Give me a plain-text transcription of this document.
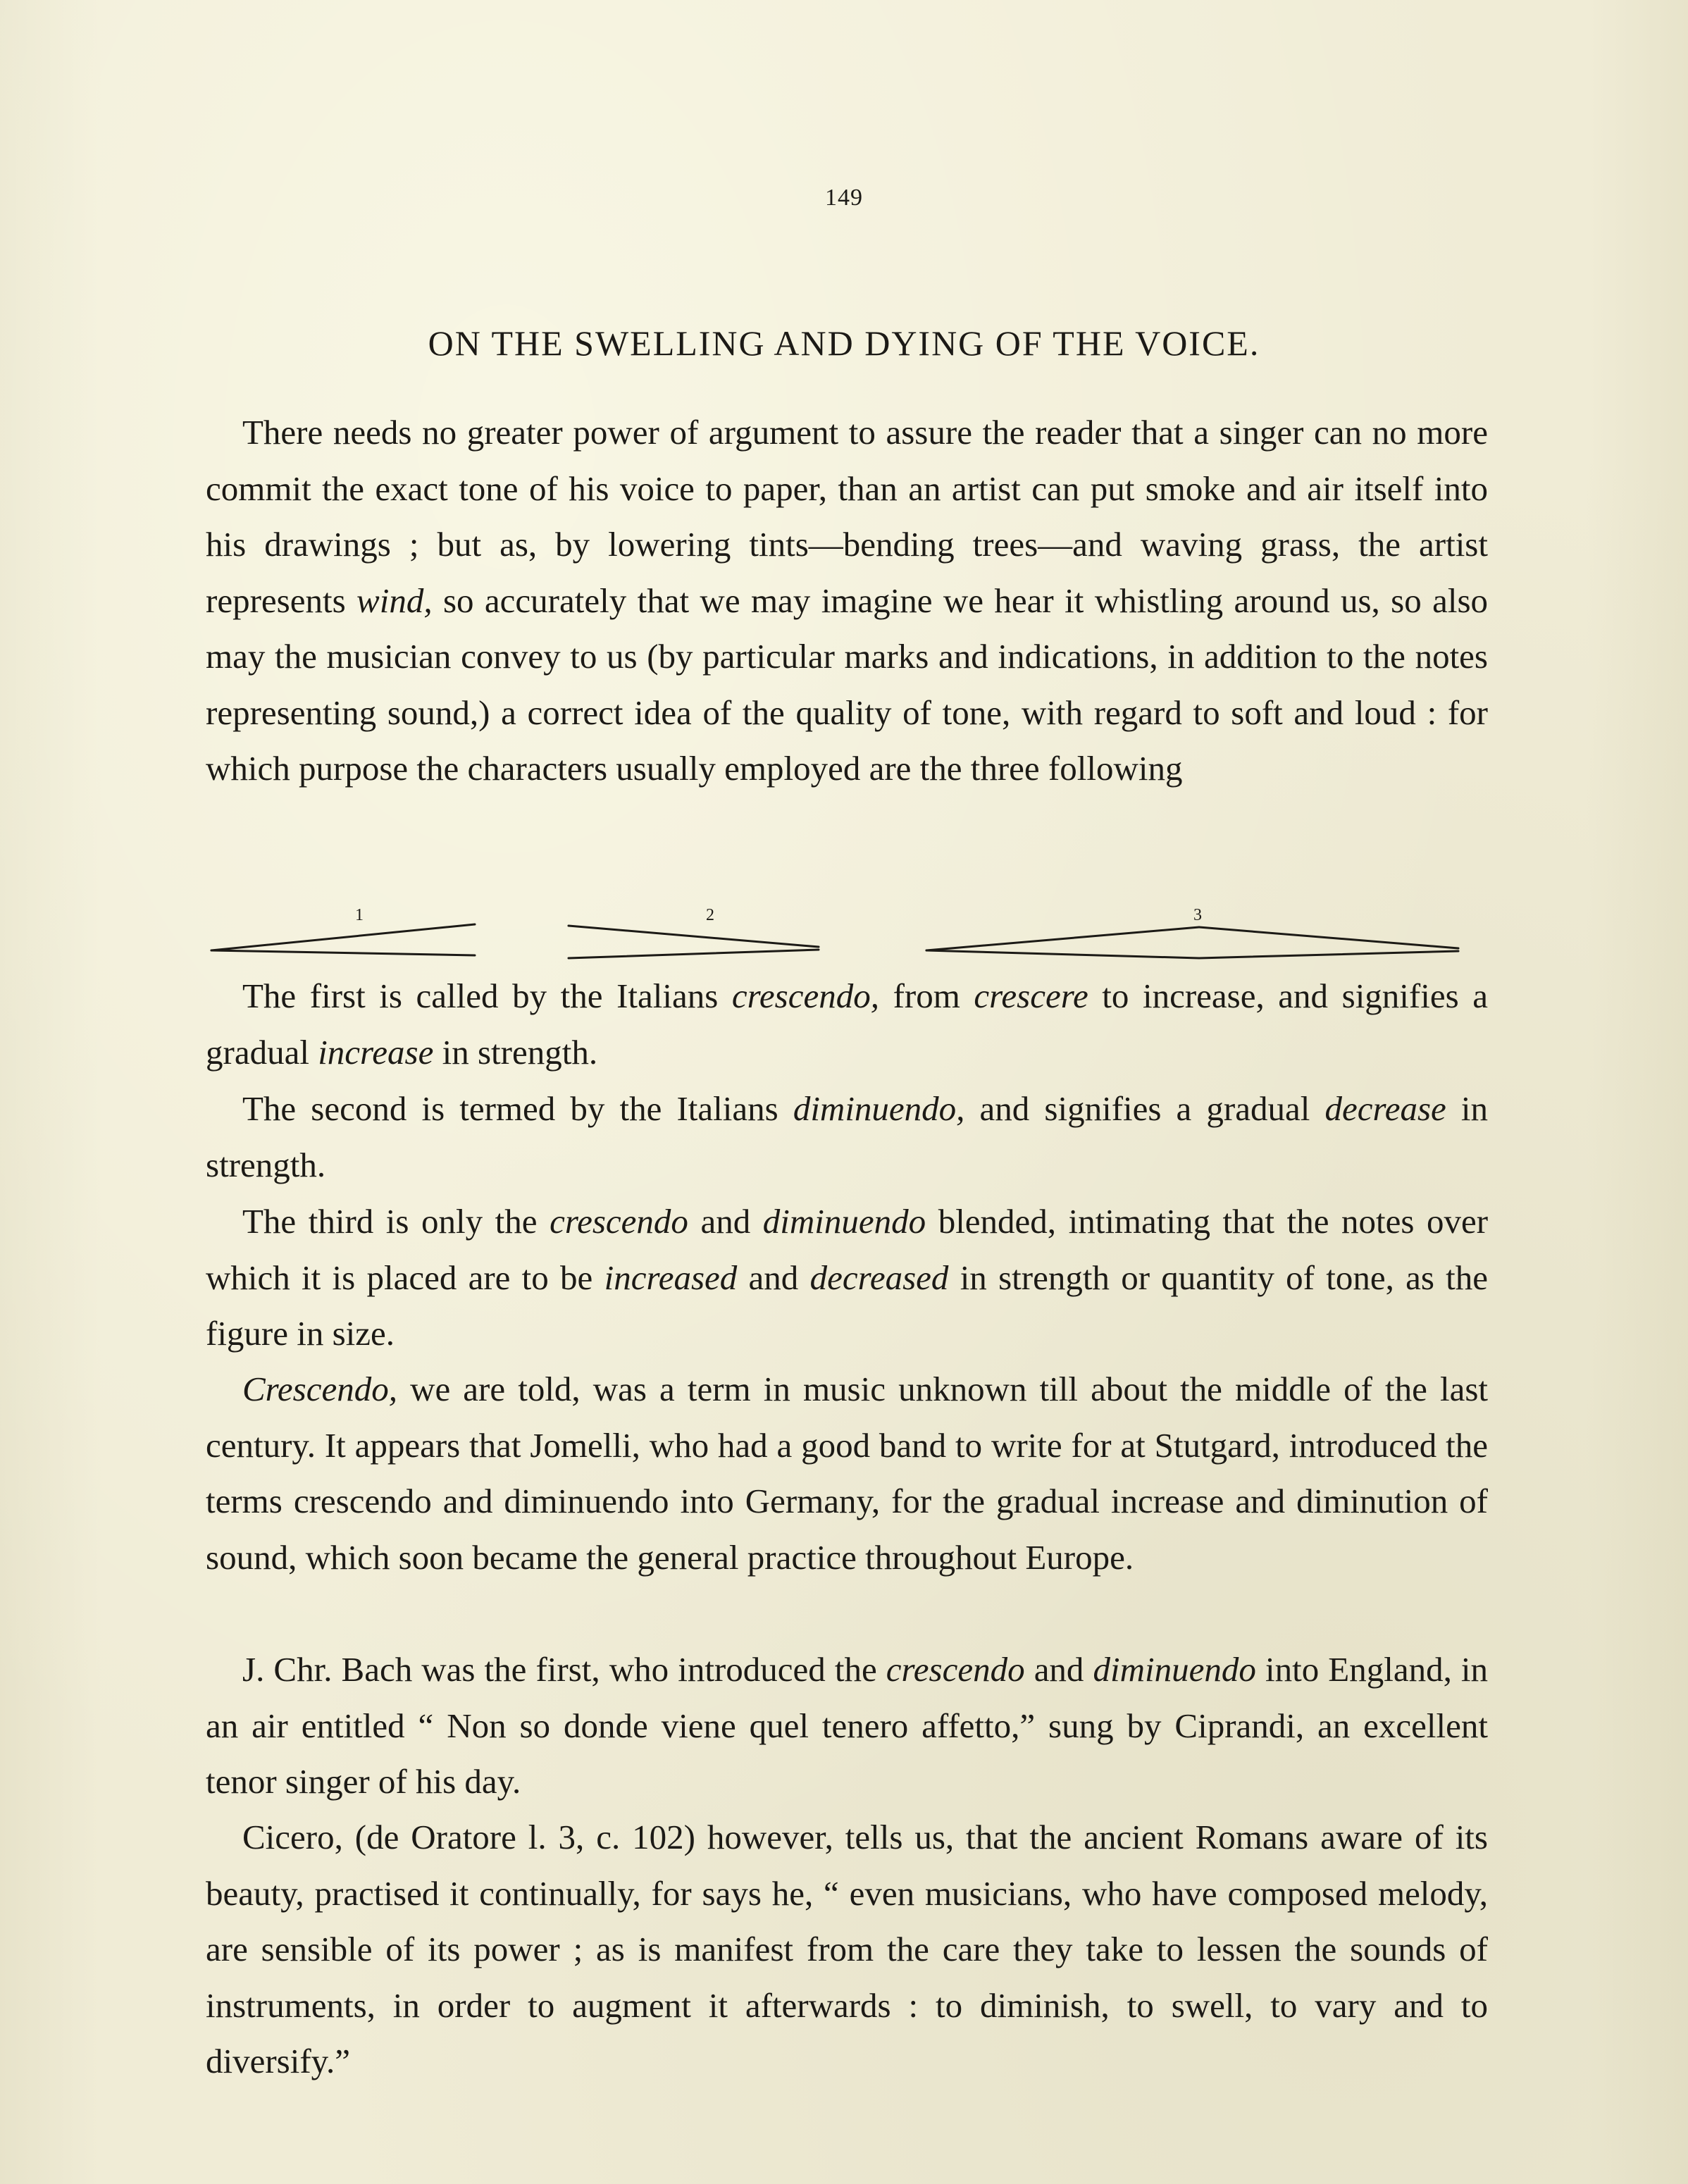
149
ON THE SWELLING AND DYING OF THE VOICE.

There needs no greater power of argument to assure the reader that a singer can no more commit the exact tone of his voice to paper, than an artist can put smoke and air itself into his drawings ; but as, by lowering tints—bending trees—and waving grass, the artist represents wind, so accurately that we may imagine we hear it whistling around us, so also may the musician convey to us (by particular marks and indications, in addition to the notes representing sound,) a correct idea of the quality of tone, with regard to soft and loud : for which purpose the characters usually employed are the three following

1	2	3

The first is called by the Italians crescendo, from crescere to increase, and signifies a gradual increase in strength.

The second is termed by the Italians diminuendo, and signifies a gradual decrease in strength.

The third is only the crescendo and diminuendo blended, intimating that the notes over which it is placed are to be increased and decreased in strength or quantity of tone, as the figure in size.

Crescendo, we are told, was a term in music unknown till about the middle of the last century. It appears that Jomelli, who had a good band to write for at Stutgard, introduced the terms crescendo and diminuendo into Germany, for the gradual increase and diminution of sound, which soon became the general practice throughout Europe.

J. Chr. Bach was the first, who introduced the crescendo and diminuendo into England, in an air entitled “ Non so donde viene quel tenero affetto,” sung by Ciprandi, an excellent tenor singer of his day.

Cicero, (de Oratore l. 3, c. 102) however, tells us, that the ancient Romans aware of its beauty, practised it continually, for says he, “ even musicians, who have composed melody, are sensible of its power ; as is manifest from the care they take to lessen the sounds of instruments, in order to augment it afterwards : to diminish, to swell, to vary and to diversify.”
